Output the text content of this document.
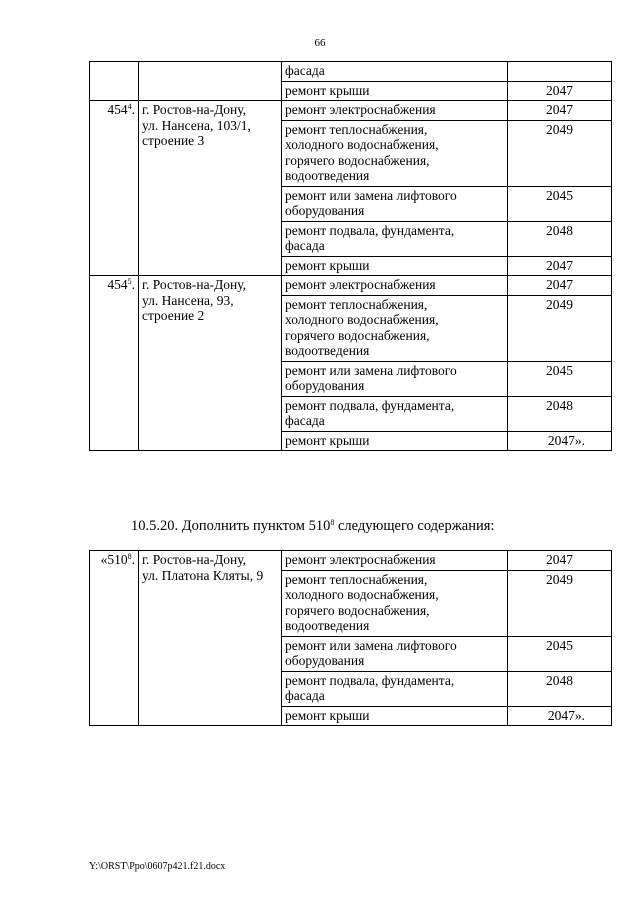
66
		фасада	
		ремонт крыши	2047
$454^4$.	г. Ростов-на-Дону,
ул. Нансена, 103/1,
строение 3	ремонт электроснабжения	2047
		ремонт теплоснабжения,
холодного водоснабжения,
горячего водоснабжения,
водоотведения	2049
		ремонт или замена лифтового
оборудования	2045
		ремонт подвала, фундамента,
фасада	2048
		ремонт крыши	2047
$454^5$.	г. Ростов-на-Дону,
ул. Нансена, 93,
строение 2	ремонт электроснабжения	2047
		ремонт теплоснабжения,
холодного водоснабжения,
горячего водоснабжения,
водоотведения	2049
		ремонт или замена лифтового
оборудования	2045
		ремонт подвала, фундамента,
фасада	2048
		ремонт крыши	2047».
10.5.20. Дополнить пунктом $510^8$ следующего содержания:
«$510^8$.	г. Ростов-на-Дону,
ул. Платона Кляты, 9	ремонт электроснабжения	2047
		ремонт теплоснабжения,
холодного водоснабжения,
горячего водоснабжения,
водоотведения	2049
		ремонт или замена лифтового
оборудования	2045
		ремонт подвала, фундамента,
фасада	2048
		ремонт крыши	2047».
Y:\ORST\Ppo\0607p421.f21.docx
